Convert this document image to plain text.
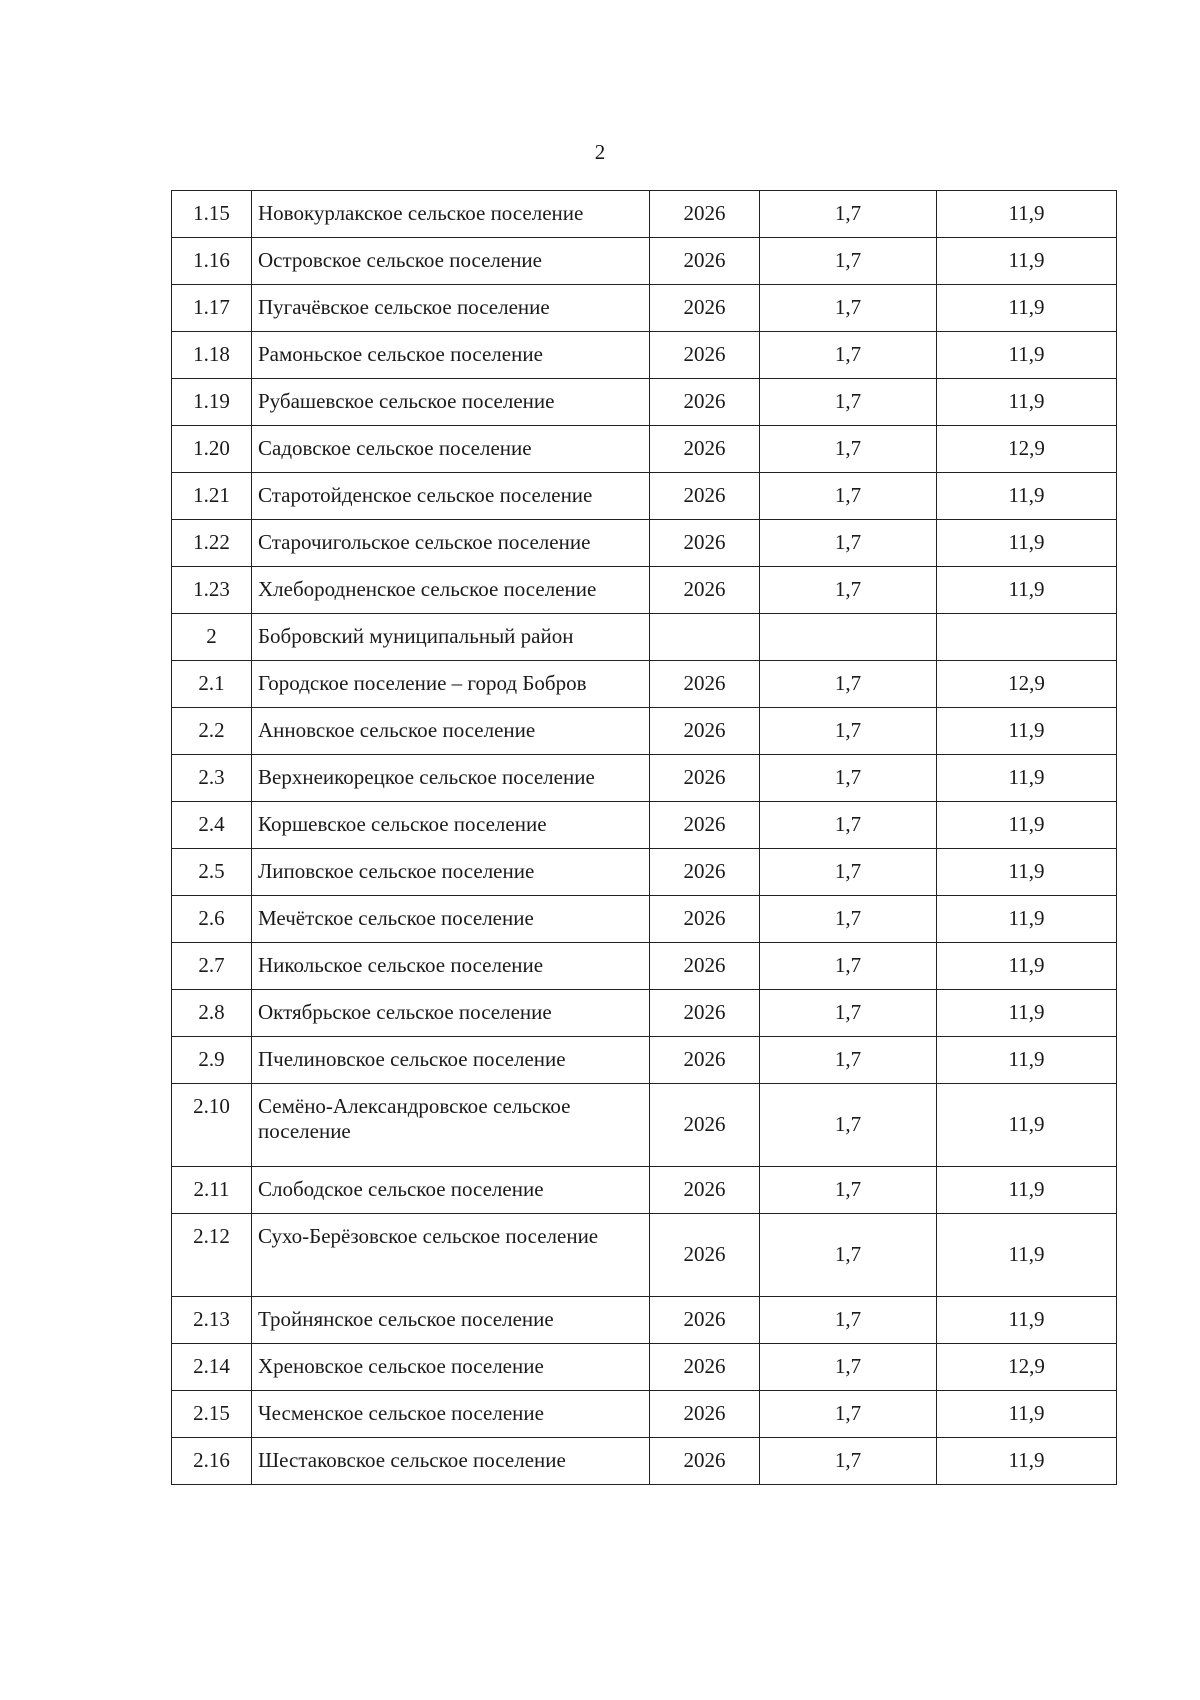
2
1.15	Новокурлакское сельское поселение	2026	1,7	11,9
1.16	Островское сельское поселение	2026	1,7	11,9
1.17	Пугачёвское сельское поселение	2026	1,7	11,9
1.18	Рамоньское сельское поселение	2026	1,7	11,9
1.19	Рубашевское сельское поселение	2026	1,7	11,9
1.20	Садовское сельское поселение	2026	1,7	12,9
1.21	Старотойденское сельское поселение	2026	1,7	11,9
1.22	Старочигольское сельское поселение	2026	1,7	11,9
1.23	Хлебородненское сельское поселение	2026	1,7	11,9
2	Бобровский муниципальный район			
2.1	Городское поселение – город Бобров	2026	1,7	12,9
2.2	Анновское сельское поселение	2026	1,7	11,9
2.3	Верхнеикорецкое сельское поселение	2026	1,7	11,9
2.4	Коршевское сельское поселение	2026	1,7	11,9
2.5	Липовское сельское поселение	2026	1,7	11,9
2.6	Мечётское сельское поселение	2026	1,7	11,9
2.7	Никольское сельское поселение	2026	1,7	11,9
2.8	Октябрьское сельское поселение	2026	1,7	11,9
2.9	Пчелиновское сельское поселение	2026	1,7	11,9
2.10	Семёно-Александровское сельское поселение	2026	1,7	11,9
2.11	Слободское сельское поселение	2026	1,7	11,9
2.12	Сухо-Берёзовское сельское поселение	2026	1,7	11,9
2.13	Тройнянское сельское поселение	2026	1,7	11,9
2.14	Хреновское сельское поселение	2026	1,7	12,9
2.15	Чесменское сельское поселение	2026	1,7	11,9
2.16	Шестаковское сельское поселение	2026	1,7	11,9
